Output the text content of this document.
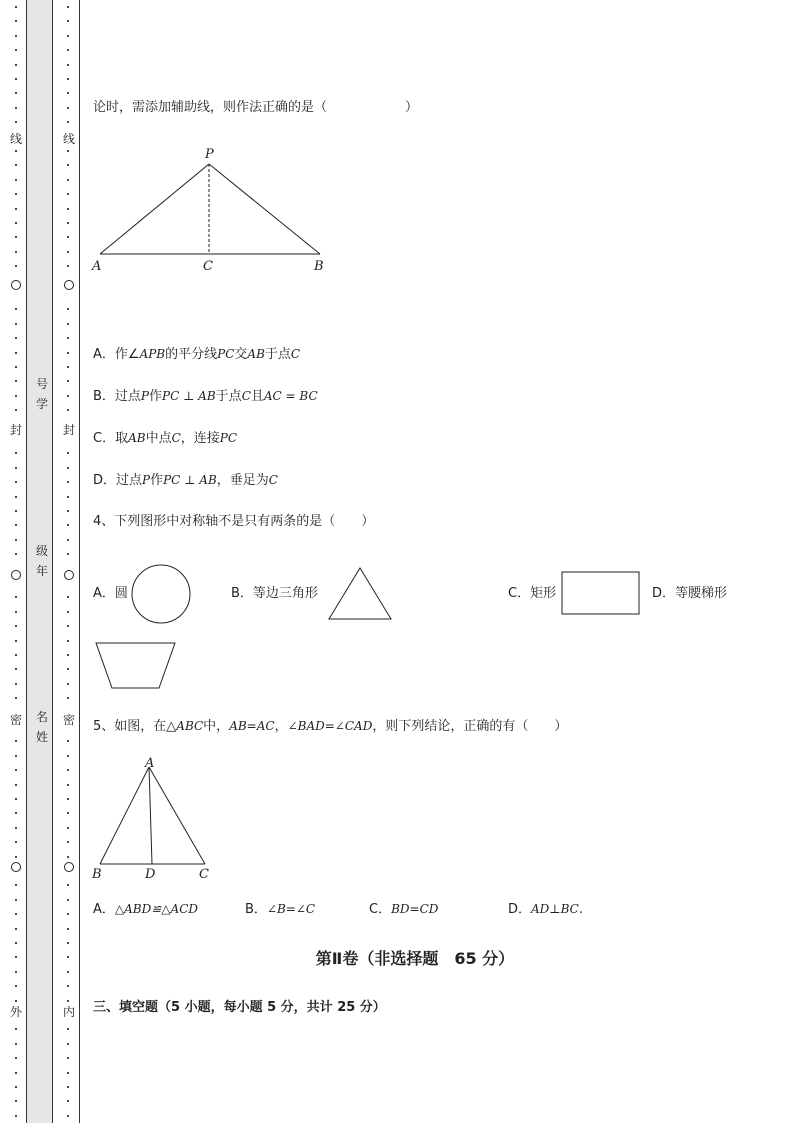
线
封
密
外
线
封
密
内
号
学
级
年
名
姓
论时，需添加辅助线，则作法正确的是（　　　　　　）
P
A	C	B
A．作∠APB的平分线PC交AB于点C
B．过点P作PC ⊥ AB于点C且AC = BC
C．取AB中点C，连接PC
D．过点P作PC ⊥ AB，垂足为C
4、下列图形中对称轴不是只有两条的是（　　）
A．圆	B．等边三角形	C．矩形	D．等腰梯形
5、如图，在△ABC中，AB=AC，∠BAD=∠CAD，则下列结论，正确的有（　　）
A
B	D	C
A．△ABD≌△ACD	B．∠B=∠C	C．BD=CD	D．AD⊥BC.
第Ⅱ卷（非选择题　65 分）
三、填空题（5 小题，每小题 5 分，共计 25 分）
